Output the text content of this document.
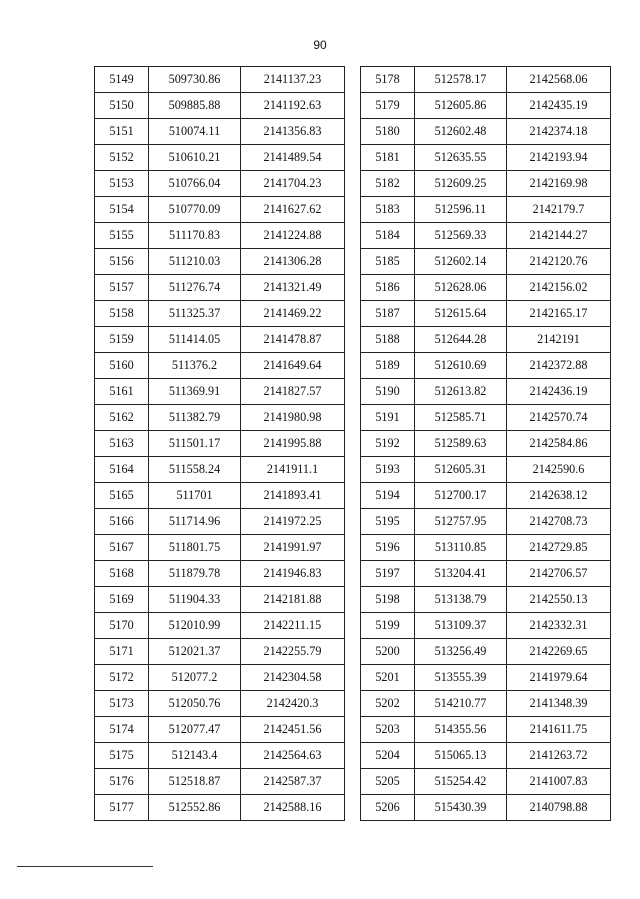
90
5149	509730.86	2141137.23
5150	509885.88	2141192.63
5151	510074.11	2141356.83
5152	510610.21	2141489.54
5153	510766.04	2141704.23
5154	510770.09	2141627.62
5155	511170.83	2141224.88
5156	511210.03	2141306.28
5157	511276.74	2141321.49
5158	511325.37	2141469.22
5159	511414.05	2141478.87
5160	511376.2	2141649.64
5161	511369.91	2141827.57
5162	511382.79	2141980.98
5163	511501.17	2141995.88
5164	511558.24	2141911.1
5165	511701	2141893.41
5166	511714.96	2141972.25
5167	511801.75	2141991.97
5168	511879.78	2141946.83
5169	511904.33	2142181.88
5170	512010.99	2142211.15
5171	512021.37	2142255.79
5172	512077.2	2142304.58
5173	512050.76	2142420.3
5174	512077.47	2142451.56
5175	512143.4	2142564.63
5176	512518.87	2142587.37
5177	512552.86	2142588.16
5178	512578.17	2142568.06
5179	512605.86	2142435.19
5180	512602.48	2142374.18
5181	512635.55	2142193.94
5182	512609.25	2142169.98
5183	512596.11	2142179.7
5184	512569.33	2142144.27
5185	512602.14	2142120.76
5186	512628.06	2142156.02
5187	512615.64	2142165.17
5188	512644.28	2142191
5189	512610.69	2142372.88
5190	512613.82	2142436.19
5191	512585.71	2142570.74
5192	512589.63	2142584.86
5193	512605.31	2142590.6
5194	512700.17	2142638.12
5195	512757.95	2142708.73
5196	513110.85	2142729.85
5197	513204.41	2142706.57
5198	513138.79	2142550.13
5199	513109.37	2142332.31
5200	513256.49	2142269.65
5201	513555.39	2141979.64
5202	514210.77	2141348.39
5203	514355.56	2141611.75
5204	515065.13	2141263.72
5205	515254.42	2141007.83
5206	515430.39	2140798.88
